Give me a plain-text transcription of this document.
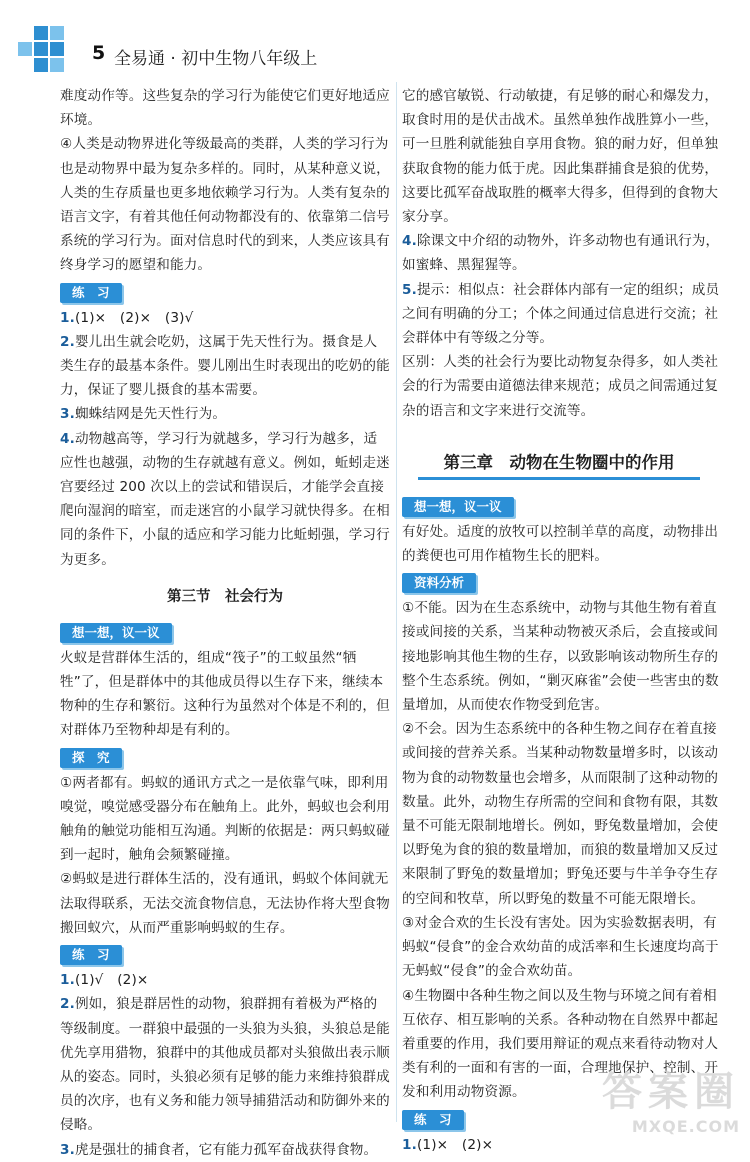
5 全易通 · 初中生物八年级上

难度动作等。这些复杂的学习行为能使它们更好地适应环境。

④人类是动物界进化等级最高的类群，人类的学习行为也是动物界中最为复杂多样的。同时，从某种意义说，人类的生存质量也更多地依赖学习行为。人类有复杂的语言文字，有着其他任何动物都没有的、依靠第二信号系统的学习行为。面对信息时代的到来，人类应该具有终身学习的愿望和能力。

练　习

1.(1)×　(2)×　(3)√

2.婴儿出生就会吃奶，这属于先天性行为。摄食是人类生存的最基本条件。婴儿刚出生时表现出的吃奶的能力，保证了婴儿摄食的基本需要。

3.蜘蛛结网是先天性行为。

4.动物越高等，学习行为就越多，学习行为越多，适应性也越强，动物的生存就越有意义。例如，蚯蚓走迷宫要经过 200 次以上的尝试和错误后，才能学会直接爬向湿润的暗室，而走迷宫的小鼠学习就快得多。在相同的条件下，小鼠的适应和学习能力比蚯蚓强，学习行为更多。

第三节　社会行为
想一想，议一议

火蚁是营群体生活的，组成“筏子”的工蚁虽然“牺牲”了，但是群体中的其他成员得以生存下来，继续本物种的生存和繁衍。这种行为虽然对个体是不利的，但对群体乃至物种却是有利的。

探　究

①两者都有。蚂蚁的通讯方式之一是依靠气味，即利用嗅觉，嗅觉感受器分布在触角上。此外，蚂蚁也会利用触角的触觉功能相互沟通。判断的依据是：两只蚂蚁碰到一起时，触角会频繁碰撞。

②蚂蚁是进行群体生活的，没有通讯，蚂蚁个体间就无法取得联系，无法交流食物信息，无法协作将大型食物搬回蚁穴，从而严重影响蚂蚁的生存。

练　习

1.(1)√　(2)×

2.例如，狼是群居性的动物，狼群拥有着极为严格的等级制度。一群狼中最强的一头狼为头狼，头狼总是能优先享用猎物，狼群中的其他成员都对头狼做出表示顺从的姿态。同时，头狼必须有足够的能力来维持狼群成员的次序，也有义务和能力领导捕猎活动和防御外来的侵略。

3.虎是强壮的捕食者，它有能力孤军奋战获得食物。

它的感官敏锐、行动敏捷，有足够的耐心和爆发力，取食时用的是伏击战术。虽然单独作战胜算小一些，可一旦胜利就能独自享用食物。狼的耐力好，但单独获取食物的能力低于虎。因此集群捕食是狼的优势，这要比孤军奋战取胜的概率大得多，但得到的食物大家分享。

4.除课文中介绍的动物外，许多动物也有通讯行为，如蜜蜂、黑猩猩等。

5.提示：相似点：社会群体内部有一定的组织；成员之间有明确的分工；个体之间通过信息进行交流；社会群体中有等级之分等。

区别：人类的社会行为要比动物复杂得多，如人类社会的行为需要由道德法律来规范；成员之间需通过复杂的语言和文字来进行交流等。

第三章　动物在生物圈中的作用
想一想，议一议

有好处。适度的放牧可以控制羊草的高度，动物排出的粪便也可用作植物生长的肥料。

资料分析

①不能。因为在生态系统中，动物与其他生物有着直接或间接的关系，当某种动物被灭杀后，会直接或间接地影响其他生物的生存，以致影响该动物所生存的整个生态系统。例如，“剿灭麻雀”会使一些害虫的数量增加，从而使农作物受到危害。

②不会。因为生态系统中的各种生物之间存在着直接或间接的营养关系。当某种动物数量增多时，以该动物为食的动物数量也会增多，从而限制了这种动物的数量。此外，动物生存所需的空间和食物有限，其数量不可能无限制地增长。例如，野兔数量增加，会使以野兔为食的狼的数量增加，而狼的数量增加又反过来限制了野兔的数量增加；野兔还要与牛羊争夺生存的空间和牧草，所以野兔的数量不可能无限增长。

③对金合欢的生长没有害处。因为实验数据表明，有蚂蚁“侵食”的金合欢幼苗的成活率和生长速度均高于无蚂蚁“侵食”的金合欢幼苗。

④生物圈中各种生物之间以及生物与环境之间有着相互依存、相互影响的关系。各种动物在自然界中都起着重要的作用，我们要用辩证的观点来看待动物对人类有利的一面和有害的一面，合理地保护、控制、开发和利用动物资源。

练　习

1.(1)×　(2)×

答案圈
MXQE.COM
